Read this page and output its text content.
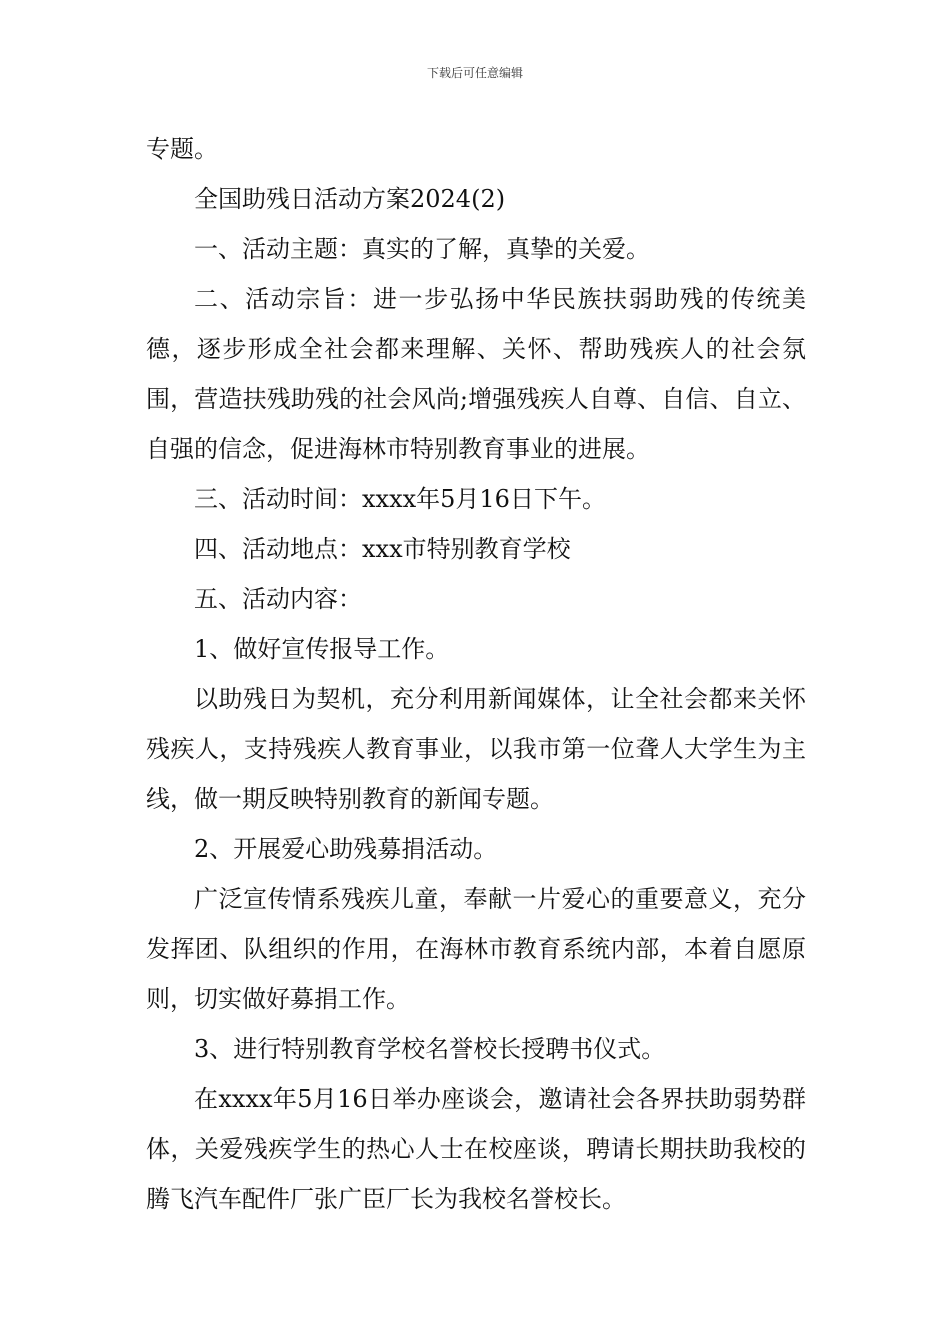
下载后可任意编辑

专题。

全国助残日活动方案2024(2)

一、活动主题：真实的了解，真挚的关爱。

二、活动宗旨：进一步弘扬中华民族扶弱助残的传统美德，逐步形成全社会都来理解、关怀、帮助残疾人的社会氛围，营造扶残助残的社会风尚;增强残疾人自尊、自信、自立、自强的信念，促进海林市特别教育事业的进展。

三、活动时间：xxxx年5月16日下午。

四、活动地点：xxx市特别教育学校

五、活动内容：

1、做好宣传报导工作。

以助残日为契机，充分利用新闻媒体，让全社会都来关怀残疾人，支持残疾人教育事业，以我市第一位聋人大学生为主线，做一期反映特别教育的新闻专题。

2、开展爱心助残募捐活动。

广泛宣传情系残疾儿童，奉献一片爱心的重要意义，充分发挥团、队组织的作用，在海林市教育系统内部，本着自愿原则，切实做好募捐工作。

3、进行特别教育学校名誉校长授聘书仪式。

在xxxx年5月16日举办座谈会，邀请社会各界扶助弱势群体，关爱残疾学生的热心人士在校座谈，聘请长期扶助我校的腾飞汽车配件厂张广臣厂长为我校名誉校长。
